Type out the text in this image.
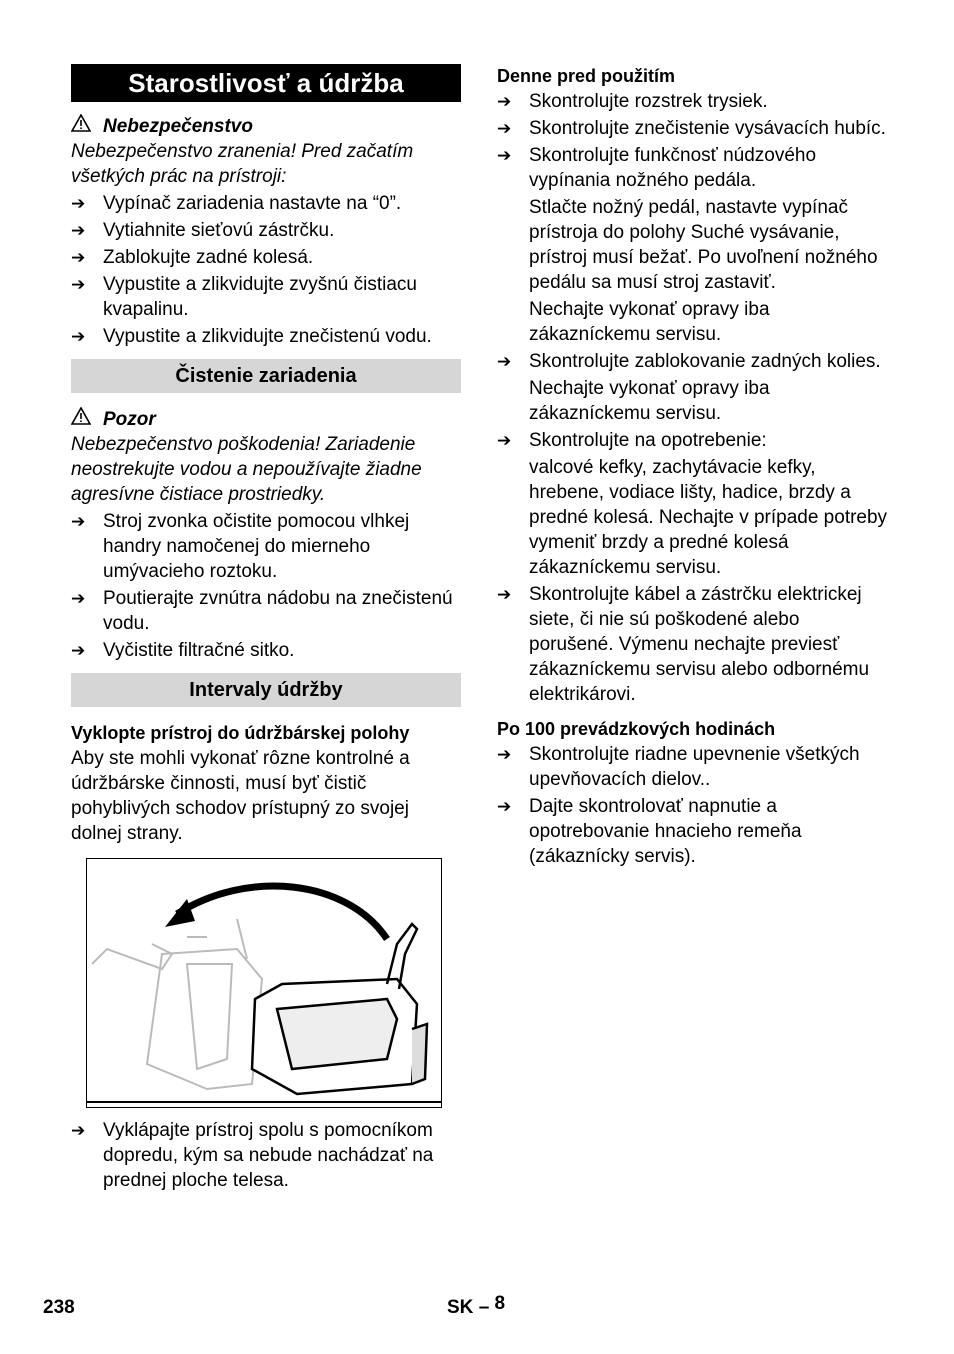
Starostlivosť a údržba
Nebezpečenstvo
Nebezpečenstvo zranenia! Pred začatím všetkých prác na prístroji:
➔ Vypínač zariadenia nastavte na “0”.
➔ Vytiahnite sieťovú zástrčku.
➔ Zablokujte zadné kolesá.
➔ Vypustite a zlikvidujte zvyšnú čistiacu kvapalinu.
➔ Vypustite a zlikvidujte znečistenú vodu.
Čistenie zariadenia
Pozor
Nebezpečenstvo poškodenia! Zariadenie neostrekujte vodou a nepoužívajte žiadne agresívne čistiace prostriedky.
➔ Stroj zvonka očistite pomocou vlhkej handry namočenej do mierneho umývacieho roztoku.
➔ Poutierajte zvnútra nádobu na znečistenú vodu.
➔ Vyčistite filtračné sitko.
Intervaly údržby
Vyklopte prístroj do údržbárskej polohy
Aby ste mohli vykonať rôzne kontrolné a údržbárske činnosti, musí byť čistič pohyblivých schodov prístupný zo svojej dolnej strany.
➔ Vyklápajte prístroj spolu s pomocníkom dopredu, kým sa nebude nachádzať na prednej ploche telesa.
Denne pred použitím
➔ Skontrolujte rozstrek trysiek.
➔ Skontrolujte znečistenie vysávacích hubíc.
➔ Skontrolujte funkčnosť núdzového vypínania nožného pedála.
Stlačte nožný pedál, nastavte vypínač prístroja do polohy Suché vysávanie, prístroj musí bežať. Po uvoľnení nožného pedálu sa musí stroj zastaviť.
Nechajte vykonať opravy iba zákazníckemu servisu.
➔ Skontrolujte zablokovanie zadných kolies.
Nechajte vykonať opravy iba zákazníckemu servisu.
➔ Skontrolujte na opotrebenie:
valcové kefky, zachytávacie kefky, hrebene, vodiace lišty, hadice, brzdy a predné kolesá. Nechajte v prípade potreby vymeniť brzdy a predné kolesá zákazníckemu servisu.
➔ Skontrolujte kábel a zástrčku elektrickej siete, či nie sú poškodené alebo porušené. Výmenu nechajte previesť zákazníckemu servisu alebo odbornému elektrikárovi.
Po 100 prevádzkových hodinách
➔ Skontrolujte riadne upevnenie všetkých upevňovacích dielov..
➔ Dajte skontrolovať napnutie a opotrebovanie hnacieho remeňa (zákaznícky servis).
238	SK – 8
